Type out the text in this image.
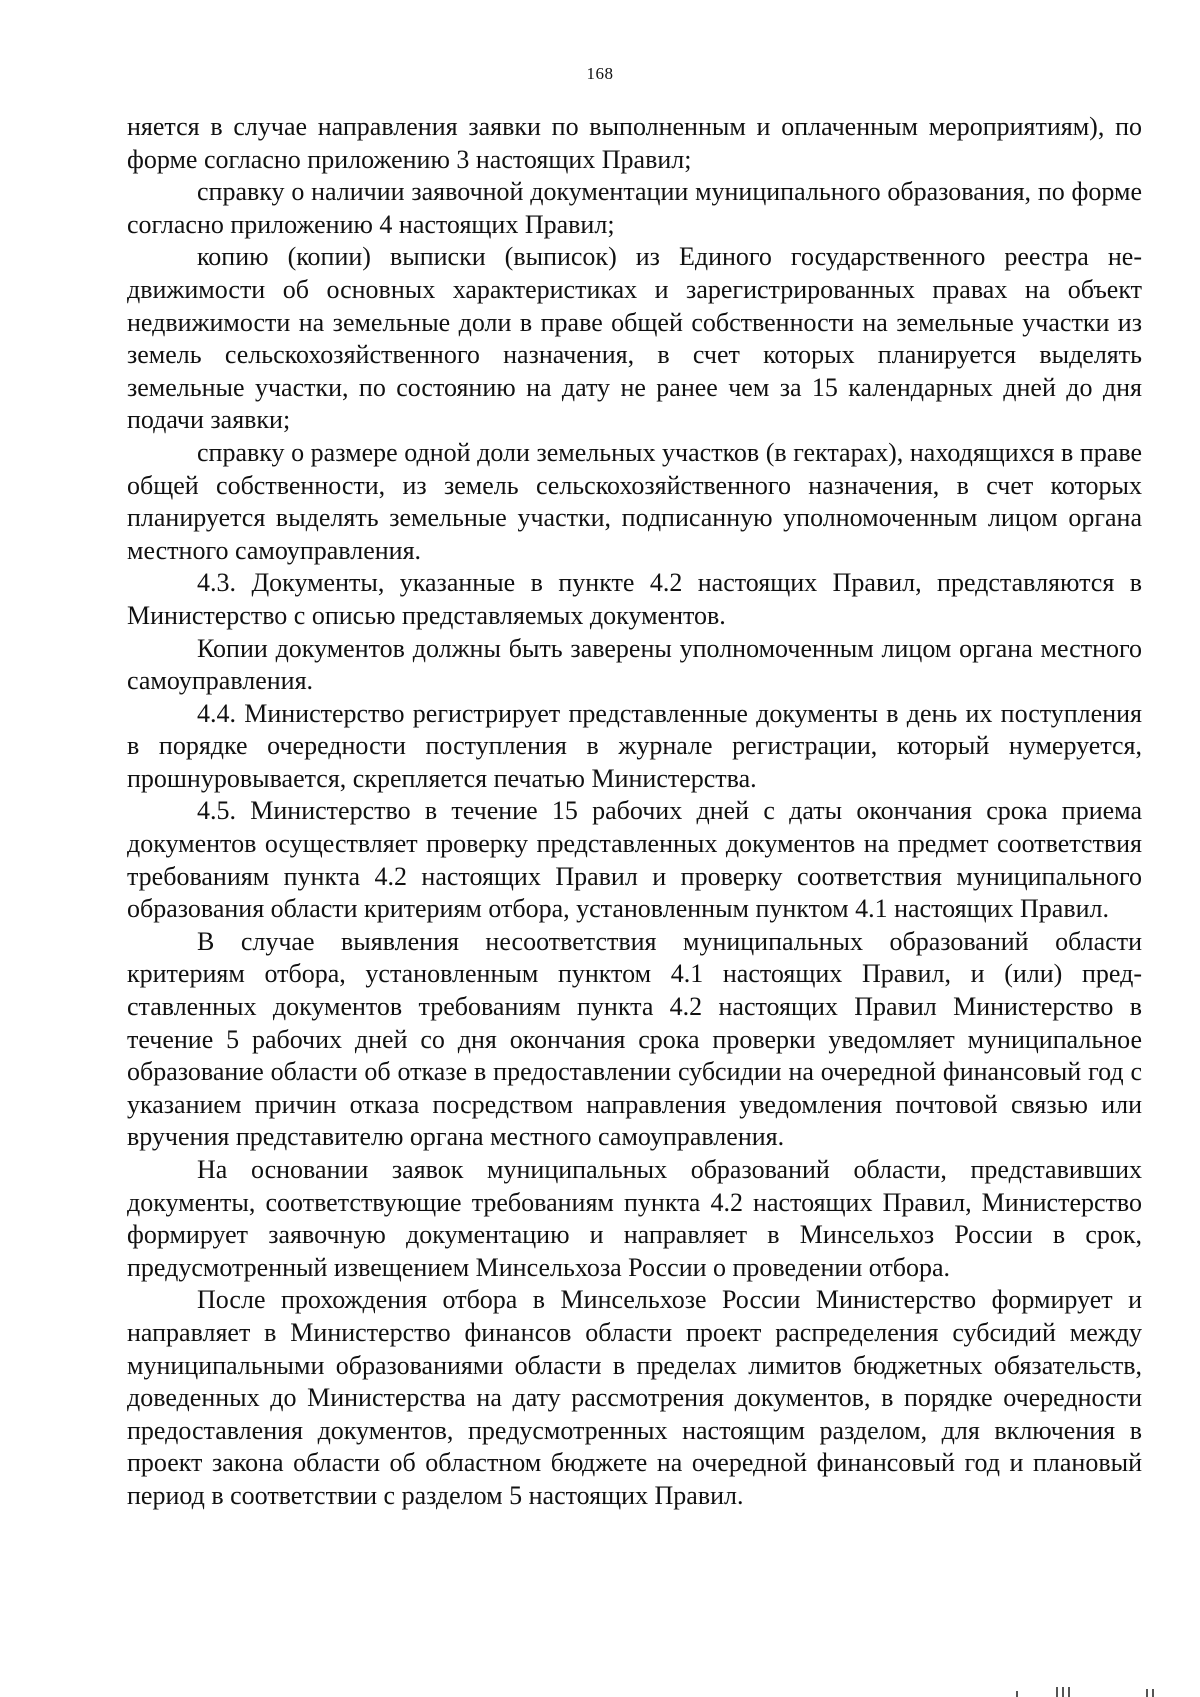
168

няется в случае направления заявки по выполненным и оплаченным мероприятиям), по форме согласно приложению 3 настоящих Правил;

справку о наличии заявочной документации муниципального образования, по форме согласно приложению 4 настоящих Правил;

копию (копии) выписки (выписок) из Единого государственного реестра недвижимости об основных характеристиках и зарегистрированных правах на объект недвижимости на земельные доли в праве общей собственности на земельные участки из земель сельскохозяйственного назначения, в счет которых планируется выделять земельные участки, по состоянию на дату не ранее чем за 15 календарных дней до дня подачи заявки;

справку о размере одной доли земельных участков (в гектарах), находящихся в праве общей собственности, из земель сельскохозяйственного назначения, в счет которых планируется выделять земельные участки, подписанную уполномоченным лицом органа местного самоуправления.

4.3. Документы, указанные в пункте 4.2 настоящих Правил, представляются в Министерство с описью представляемых документов.

Копии документов должны быть заверены уполномоченным лицом органа местного самоуправления.

4.4. Министерство регистрирует представленные документы в день их поступления в порядке очередности поступления в журнале регистрации, который нумеруется, прошнуровывается, скрепляется печатью Министерства.

4.5. Министерство в течение 15 рабочих дней с даты окончания срока приема документов осуществляет проверку представленных документов на предмет соответствия требованиям пункта 4.2 настоящих Правил и проверку соответствия муниципального образования области критериям отбора, установленным пунктом 4.1 настоящих Правил.

В случае выявления несоответствия муниципальных образований области критериям отбора, установленным пунктом 4.1 настоящих Правил, и (или) представленных документов требованиям пункта 4.2 настоящих Правил Министерство в течение 5 рабочих дней со дня окончания срока проверки уведомляет муниципальное образование области об отказе в предоставлении субсидии на очередной финансовый год с указанием причин отказа посредством направления уведомления почтовой связью или вручения представителю органа местного самоуправления.

На основании заявок муниципальных образований области, представивших документы, соответствующие требованиям пункта 4.2 настоящих Правил, Министерство формирует заявочную документацию и направляет в Минсельхоз России в срок, предусмотренный извещением Минсельхоза России о проведении отбора.

После прохождения отбора в Минсельхозе России Министерство формирует и направляет в Министерство финансов области проект распределения субсидий между муниципальными образованиями области в пределах лимитов бюджетных обязательств, доведенных до Министерства на дату рассмотрения документов, в порядке очередности предоставления документов, предусмотренных настоящим разделом, для включения в проект закона области об областном бюджете на очередной финансовый год и плановый период в соответствии с разделом 5 настоящих Правил.
